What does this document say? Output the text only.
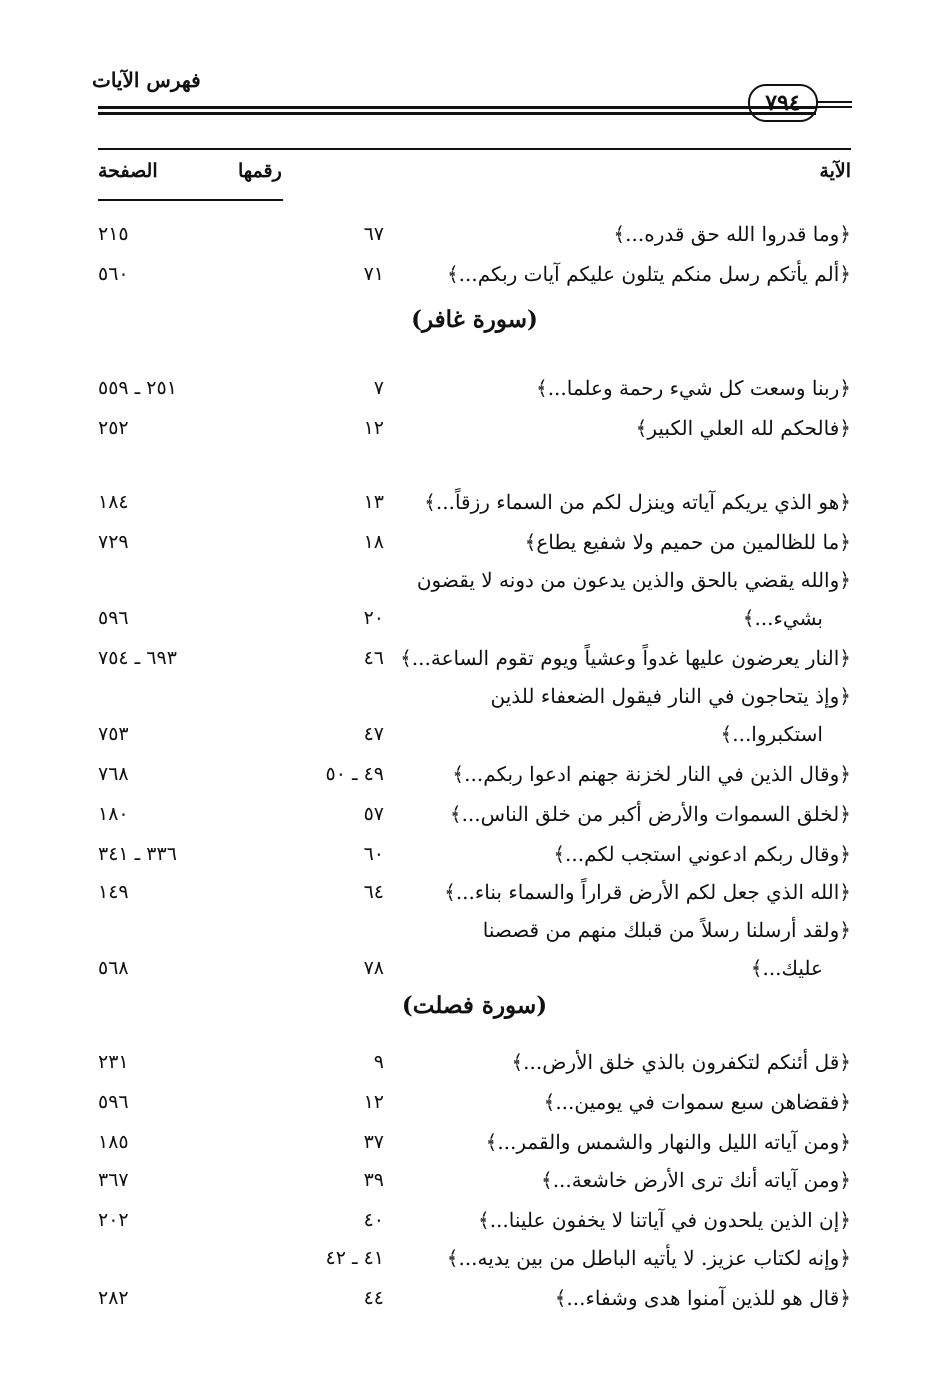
فهرس الآيات
٧٩٤
الآية
رقمها
الصفحة
﴿وما قدروا الله حق قدره...﴾
٦٧
٢١٥
﴿ألم يأتكم رسل منكم يتلون عليكم آيات ربكم...﴾
٧١
٥٦٠
(سورة غافر)
﴿ربنا وسعت كل شيء رحمة وعلما...﴾
٧
٢٥١ ـ ٥٥٩
﴿فالحكم لله العلي الكبير﴾
١٢
٢٥٢
﴿هو الذي يريكم آياته وينزل لكم من السماء رزقاً...﴾
١٣
١٨٤
﴿ما للظالمين من حميم ولا شفيع يطاع﴾
١٨
٧٢٩
﴿والله يقضي بالحق والذين يدعون من دونه لا يقضون
بشيء...﴾
٢٠
٥٩٦
﴿النار يعرضون عليها غدواً وعشياً ويوم تقوم الساعة...﴾
٤٦
٦٩٣ ـ ٧٥٤
﴿وإذ يتحاجون في النار فيقول الضعفاء للذين
استكبروا...﴾
٤٧
٧٥٣
﴿وقال الذين في النار لخزنة جهنم ادعوا ربكم...﴾
٤٩ ـ ٥٠
٧٦٨
﴿لخلق السموات والأرض أكبر من خلق الناس...﴾
٥٧
١٨٠
﴿وقال ربكم ادعوني استجب لكم...﴾
٦٠
٣٣٦ ـ ٣٤١
﴿الله الذي جعل لكم الأرض قراراً والسماء بناء...﴾
٦٤
١٤٩
﴿ولقد أرسلنا رسلاً من قبلك منهم من قصصنا
عليك...﴾
٧٨
٥٦٨
(سورة فصلت)
﴿قل أئنكم لتكفرون بالذي خلق الأرض...﴾
٩
٢٣١
﴿فقضاهن سبع سموات في يومين...﴾
١٢
٥٩٦
﴿ومن آياته الليل والنهار والشمس والقمر...﴾
٣٧
١٨٥
﴿ومن آياته أنك ترى الأرض خاشعة...﴾
٣٩
٣٦٧
﴿إن الذين يلحدون في آياتنا لا يخفون علينا...﴾
٤٠
٢٠٢
﴿وإنه لكتاب عزيز. لا يأتيه الباطل من بين يديه...﴾
٤١ ـ ٤٢
﴿قال هو للذين آمنوا هدى وشفاء...﴾
٤٤
٢٨٢
